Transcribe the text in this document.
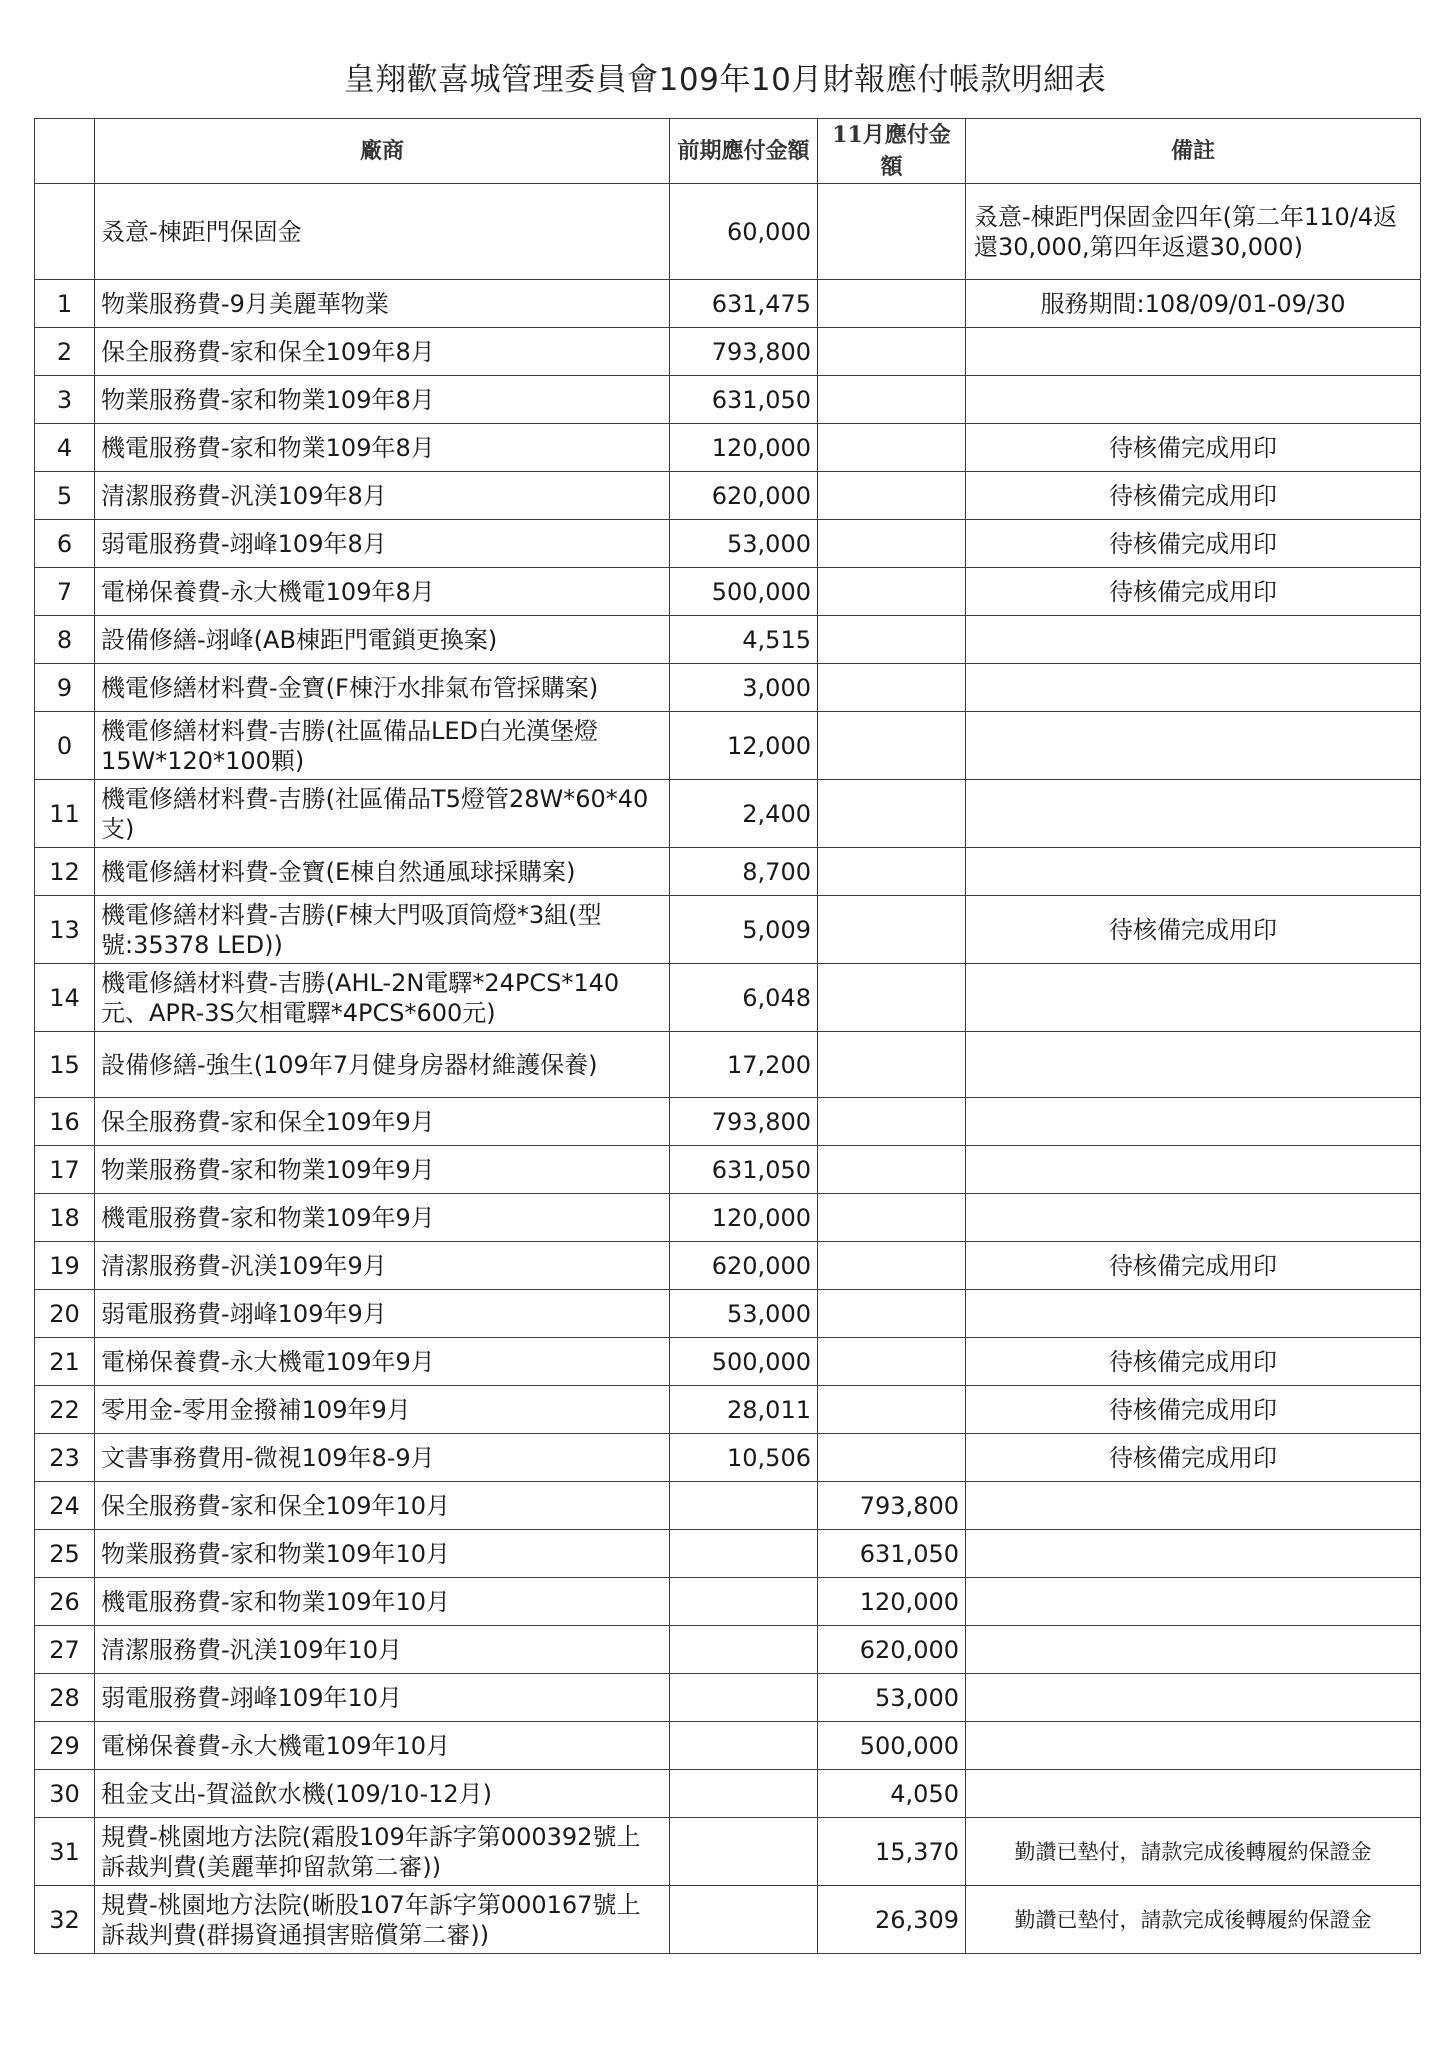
皇翔歡喜城管理委員會109年10月財報應付帳款明細表
	廠商	前期應付金額	11月應付金額	備註
	叒意-棟距門保固金	60,000		叒意-棟距門保固金四年(第二年110/4返還30,000,第四年返還30,000)
1	物業服務費-9月美麗華物業	631,475		服務期間:108/09/01-09/30
2	保全服務費-家和保全109年8月	793,800		
3	物業服務費-家和物業109年8月	631,050		
4	機電服務費-家和物業109年8月	120,000		待核備完成用印
5	清潔服務費-汎渼109年8月	620,000		待核備完成用印
6	弱電服務費-翊峰109年8月	53,000		待核備完成用印
7	電梯保養費-永大機電109年8月	500,000		待核備完成用印
8	設備修繕-翊峰(AB棟距門電鎖更換案)	4,515		
9	機電修繕材料費-金寶(F棟汙水排氣布管採購案)	3,000		
0	機電修繕材料費-吉勝(社區備品LED白光漢堡燈15W*120*100顆)	12,000		
11	機電修繕材料費-吉勝(社區備品T5燈管28W*60*40支)	2,400		
12	機電修繕材料費-金寶(E棟自然通風球採購案)	8,700		
13	機電修繕材料費-吉勝(F棟大門吸頂筒燈*3組(型號:35378 LED))	5,009		待核備完成用印
14	機電修繕材料費-吉勝(AHL-2N電驛*24PCS*140元、APR-3S欠相電驛*4PCS*600元)	6,048		
15	設備修繕-強生(109年7月健身房器材維護保養)	17,200		
16	保全服務費-家和保全109年9月	793,800		
17	物業服務費-家和物業109年9月	631,050		
18	機電服務費-家和物業109年9月	120,000		
19	清潔服務費-汎渼109年9月	620,000		待核備完成用印
20	弱電服務費-翊峰109年9月	53,000		
21	電梯保養費-永大機電109年9月	500,000		待核備完成用印
22	零用金-零用金撥補109年9月	28,011		待核備完成用印
23	文書事務費用-微視109年8-9月	10,506		待核備完成用印
24	保全服務費-家和保全109年10月		793,800	
25	物業服務費-家和物業109年10月		631,050	
26	機電服務費-家和物業109年10月		120,000	
27	清潔服務費-汎渼109年10月		620,000	
28	弱電服務費-翊峰109年10月		53,000	
29	電梯保養費-永大機電109年10月		500,000	
30	租金支出-賀溢飲水機(109/10-12月)		4,050	
31	規費-桃園地方法院(霜股109年訴字第000392號上訴裁判費(美麗華抑留款第二審))		15,370	勤讚已墊付，請款完成後轉履約保證金
32	規費-桃園地方法院(晰股107年訴字第000167號上訴裁判費(群揚資通損害賠償第二審))		26,309	勤讚已墊付，請款完成後轉履約保證金
